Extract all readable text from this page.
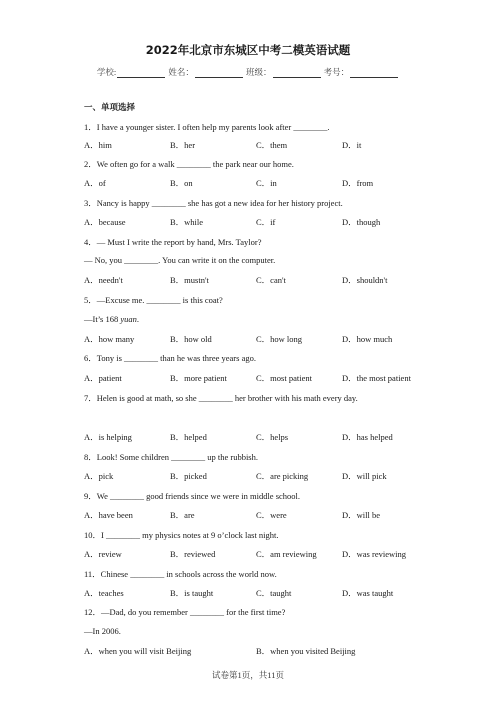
2022年北京市东城区中考二模英语试题
学校:	姓名：	班级：	考号：
一、单项选择
1．I have a younger sister. I often help my parents look after ________.
A．him	B．her	C．them	D．it
2．We often go for a walk ________ the park near our home.
A．of	B．on	C．in	D．from
3．Nancy is happy ________ she has got a new idea for her history project.
A．because	B．while	C．if	D．though
4．— Must I write the report by hand, Mrs. Taylor?
— No, you ________. You can write it on the computer.
A．needn't	B．mustn't	C．can't	D．shouldn't
5．—Excuse me. ________ is this coat?
—It’s 168 yuan.
A．how many	B．how old	C．how long	D．how much
6．Tony is ________ than he was three years ago.
A．patient	B．more patient	C．most patient	D．the most patient
7．Helen is good at math, so she ________ her brother with his math every day.
A．is helping	B．helped	C．helps	D．has helped
8．Look! Some children ________ up the rubbish.
A．pick	B．picked	C．are picking	D．will pick
9．We ________ good friends since we were in middle school.
A．have been	B．are	C．were	D．will be
10．I ________ my physics notes at 9 o’clock last night.
A．review	B．reviewed	C．am reviewing	D．was reviewing
11．Chinese ________ in schools across the world now.
A．teaches	B．is taught	C．taught	D．was taught
12．—Dad, do you remember ________ for the first time?
—In 2006.
A．when you will visit Beijing	B．when you visited Beijing
试卷第1页，共11页
